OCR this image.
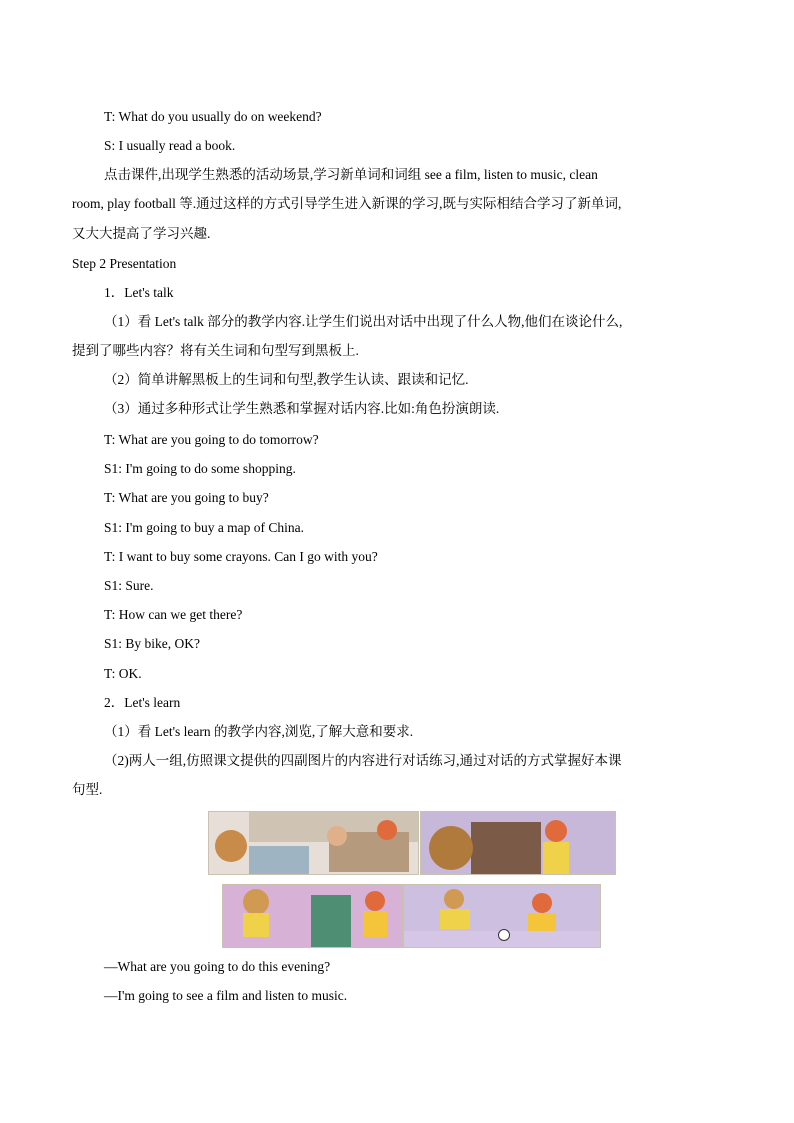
T: What do you usually do on weekend?
S: I usually read a book.
点击课件,出现学生熟悉的活动场景,学习新单词和词组 see a film, listen to music, clean
room, play football 等.通过这样的方式引导学生进入新课的学习,既与实际相结合学习了新单词,
又大大提高了学习兴趣.
Step 2 Presentation
1．Let's talk
（1）看 Let's talk 部分的教学内容.让学生们说出对话中出现了什么人物,他们在谈论什么,
提到了哪些内容？将有关生词和句型写到黑板上.
（2）简单讲解黑板上的生词和句型,教学生认读、跟读和记忆.
（3）通过多种形式让学生熟悉和掌握对话内容.比如:角色扮演朗读.
T: What are you going to do tomorrow?
S1: I'm going to do some shopping.
T: What are you going to buy?
S1: I'm going to buy a map of China.
T: I want to buy some crayons. Can I go with you?
S1: Sure.
T: How can we get there?
S1: By bike, OK?
T: OK.
2．Let's learn
（1）看 Let's learn 的教学内容,浏览,了解大意和要求.
（2)两人一组,仿照课文提供的四副图片的内容进行对话练习,通过对话的方式掌握好本课
句型.
—What are you going to do this evening?
—I'm going to see a film and listen to music.
